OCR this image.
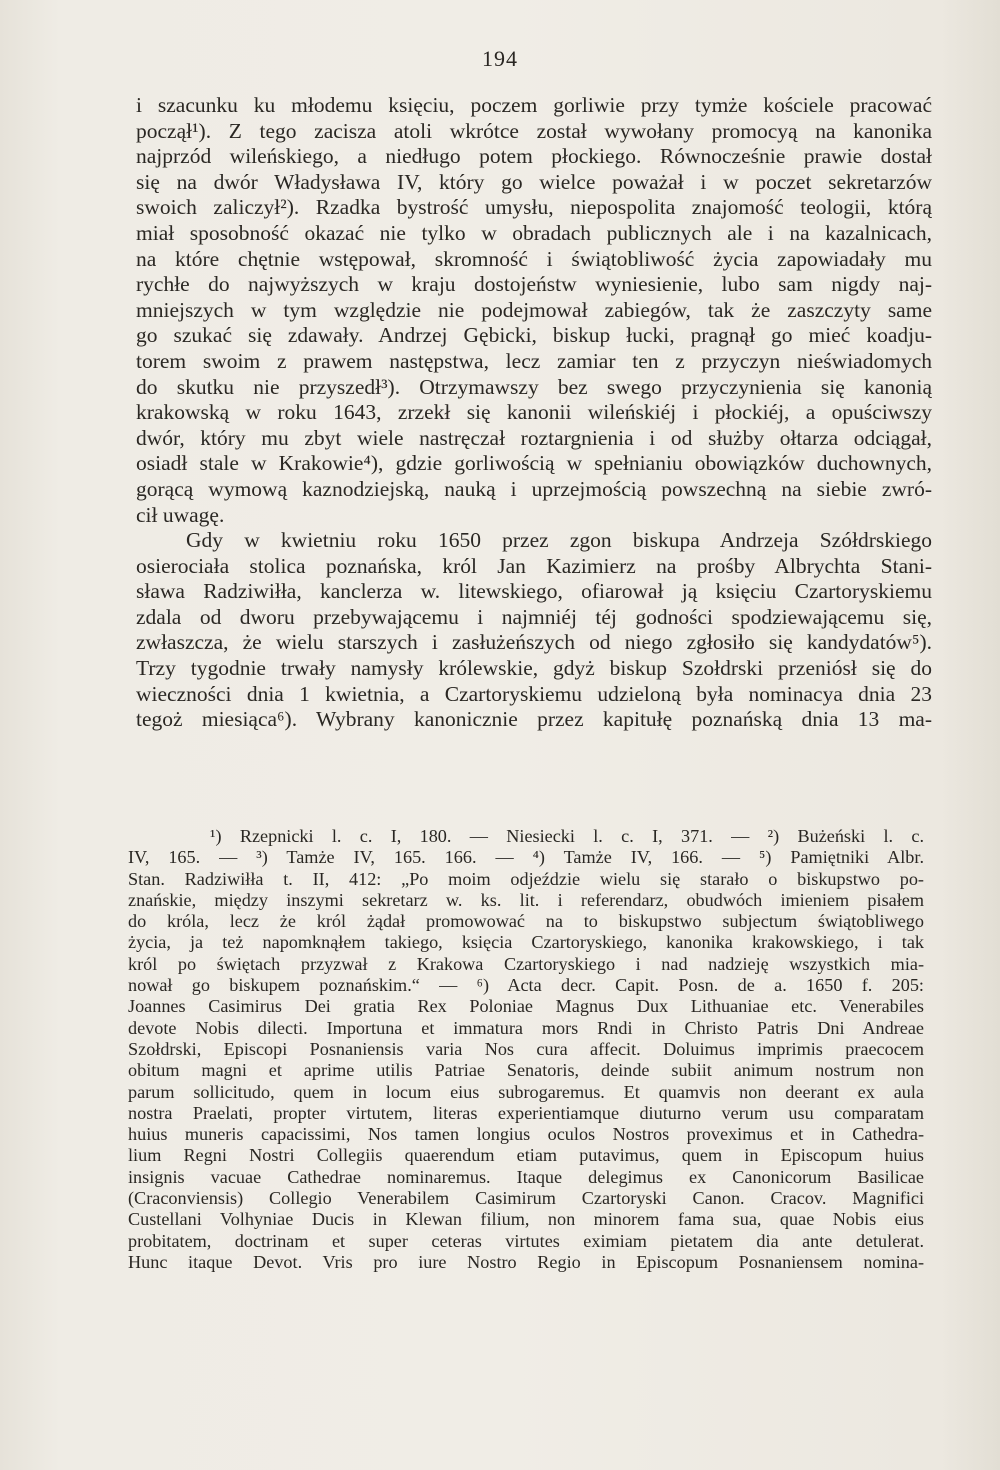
194
i szacunku ku młodemu księciu, poczem gorliwie przy tymże kościele pracować
począł¹). Z tego zacisza atoli wkrótce został wywołany promocyą na kanonika
najprzód wileńskiego, a niedługo potem płockiego. Równocześnie prawie dostał
się na dwór Władysława IV, który go wielce poważał i w poczet sekretarzów
swoich zaliczył²). Rzadka bystrość umysłu, niepospolita znajomość teologii, którą
miał sposobność okazać nie tylko w obradach publicznych ale i na kazalnicach,
na które chętnie wstępował, skromność i świątobliwość życia zapowiadały mu
rychłe do najwyższych w kraju dostojeństw wyniesienie, lubo sam nigdy naj-
mniejszych w tym względzie nie podejmował zabiegów, tak że zaszczyty same
go szukać się zdawały. Andrzej Gębicki, biskup łucki, pragnął go mieć koadju-
torem swoim z prawem następstwa, lecz zamiar ten z przyczyn nieświadomych
do skutku nie przyszedł³). Otrzymawszy bez swego przyczynienia się kanonią
krakowską w roku 1643, zrzekł się kanonii wileńskiéj i płockiéj, a opuściwszy
dwór, który mu zbyt wiele nastręczał roztargnienia i od służby ołtarza odciągał,
osiadł stale w Krakowie⁴), gdzie gorliwością w spełnianiu obowiązków duchownych,
gorącą wymową kaznodziejską, nauką i uprzejmością powszechną na siebie zwró-
cił uwagę.
Gdy w kwietniu roku 1650 przez zgon biskupa Andrzeja Szółdrskiego
osierociała stolica poznańska, król Jan Kazimierz na prośby Albrychta Stani-
sława Radziwiłła, kanclerza w. litewskiego, ofiarował ją księciu Czartoryskiemu
zdala od dworu przebywającemu i najmniéj téj godności spodziewającemu się,
zwłaszcza, że wielu starszych i zasłużeńszych od niego zgłosiło się kandydatów⁵).
Trzy tygodnie trwały namysły królewskie, gdyż biskup Szołdrski przeniósł się do
wieczności dnia 1 kwietnia, a Czartoryskiemu udzieloną była nominacya dnia 23
tegoż miesiąca⁶). Wybrany kanonicznie przez kapitułę poznańską dnia 13 ma-
¹) Rzepnicki l. c. I, 180. — Niesiecki l. c. I, 371. — ²) Bużeński l. c.
IV, 165. — ³) Tamże IV, 165. 166. — ⁴) Tamże IV, 166. — ⁵) Pamiętniki Albr.
Stan. Radziwiłła t. II, 412: „Po moim odjeździe wielu się starało o biskupstwo po-
znańskie, między inszymi sekretarz w. ks. lit. i referendarz, obudwóch imieniem pisałem
do króla, lecz że król żądał promowować na to biskupstwo subjectum świątobliwego
życia, ja też napomknąłem takiego, księcia Czartoryskiego, kanonika krakowskiego, i tak
król po świętach przyzwał z Krakowa Czartoryskiego i nad nadzieję wszystkich mia-
nował go biskupem poznańskim.“ — ⁶) Acta decr. Capit. Posn. de a. 1650 f. 205:
Joannes Casimirus Dei gratia Rex Poloniae Magnus Dux Lithuaniae etc. Venerabiles
devote Nobis dilecti. Importuna et immatura mors Rndi in Christo Patris Dni Andreae
Szołdrski, Episcopi Posnaniensis varia Nos cura affecit. Doluimus imprimis praecocem
obitum magni et aprime utilis Patriae Senatoris, deinde subiit animum nostrum non
parum sollicitudo, quem in locum eius subrogaremus. Et quamvis non deerant ex aula
nostra Praelati, propter virtutem, literas experientiamque diuturno verum usu comparatam
huius muneris capacissimi, Nos tamen longius oculos Nostros proveximus et in Cathedra-
lium Regni Nostri Collegiis quaerendum etiam putavimus, quem in Episcopum huius
insignis vacuae Cathedrae nominaremus. Itaque delegimus ex Canonicorum Basilicae
(Craconviensis) Collegio Venerabilem Casimirum Czartoryski Canon. Cracov. Magnifici
Custellani Volhyniae Ducis in Klewan filium, non minorem fama sua, quae Nobis eius
probitatem, doctrinam et super ceteras virtutes eximiam pietatem dia ante detulerat.
Hunc itaque Devot. Vris pro iure Nostro Regio in Episcopum Posnaniensem nomina-
